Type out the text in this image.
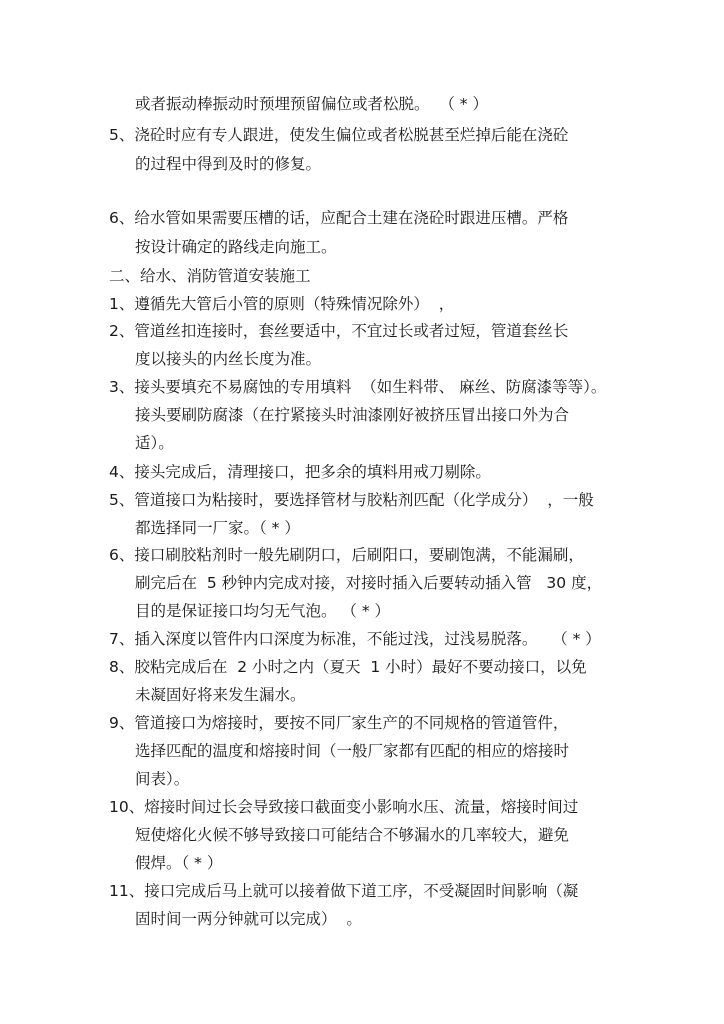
或者振动棒振动时预埋预留偏位或者松脱。  （ * ）
5、浇砼时应有专人跟进，使发生偏位或者松脱甚至烂掉后能在浇砼
的过程中得到及时的修复。
6、给水管如果需要压槽的话，应配合土建在浇砼时跟进压槽。严格
按设计确定的路线走向施工。
二、给水、消防管道安装施工
1、遵循先大管后小管的原则（特殊情况除外）  ，
2、管道丝扣连接时，套丝要适中，不宜过长或者过短，管道套丝长
度以接头的内丝长度为准。
3、接头要填充不易腐蚀的专用填料  （如生料带、 麻丝、防腐漆等等）。
接头要刷防腐漆（在拧紧接头时油漆刚好被挤压冒出接口外为合
适）。
4、接头完成后，清理接口，把多余的填料用戒刀剔除。
5、管道接口为粘接时，要选择管材与胶粘剂匹配（化学成分）  ，一般
都选择同一厂家。（ * ）
6、接口刷胶粘剂时一般先刷阴口，后刷阳口，要刷饱满，不能漏刷，
刷完后在  5 秒钟内完成对接，对接时插入后要转动插入管   30 度，
目的是保证接口均匀无气泡。 （ * ）
7、插入深度以管件内口深度为标准，不能过浅，过浅易脱落。   （ * ）
8、胶粘完成后在  2 小时之内（夏天  1 小时）最好不要动接口，以免
未凝固好将来发生漏水。
9、管道接口为熔接时，要按不同厂家生产的不同规格的管道管件，
选择匹配的温度和熔接时间（一般厂家都有匹配的相应的熔接时
间表）。
10、熔接时间过长会导致接口截面变小影响水压、流量，熔接时间过
短使熔化火候不够导致接口可能结合不够漏水的几率较大，避免
假焊。（ * ）
11、接口完成后马上就可以接着做下道工序，不受凝固时间影响（凝
固时间一两分钟就可以完成）  。
